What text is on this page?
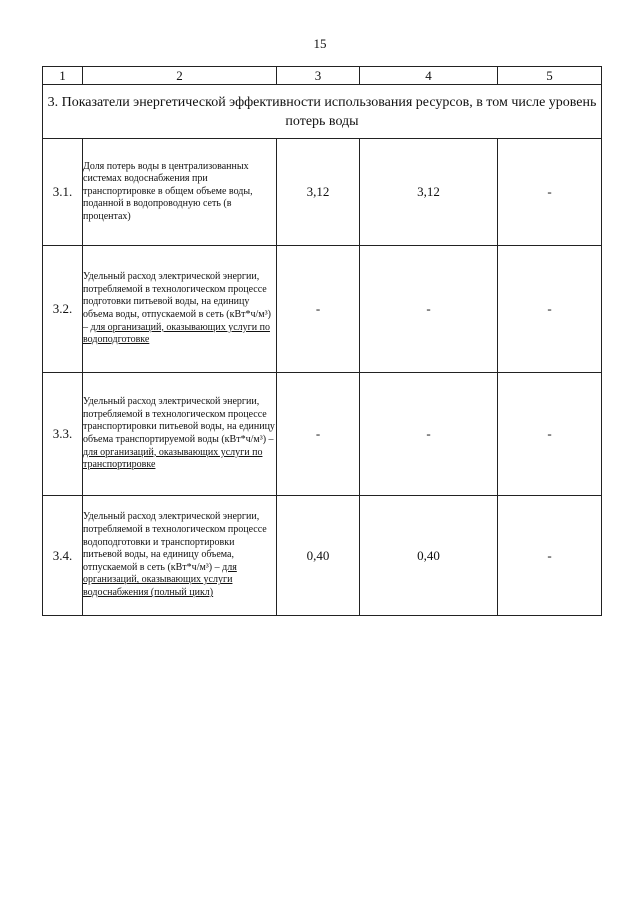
15
1	2	3	4	5
3. Показатели энергетической эффективности использования ресурсов, в том числе уровень потерь воды				
3.1.	Доля потерь воды в централизованных системах водоснабжения при транспортировке в общем объеме воды, поданной в водопроводную сеть (в процентах)	3,12	3,12	-
3.2.	Удельный расход электрической энергии, потребляемой в технологическом процессе подготовки питьевой воды, на единицу объема воды, отпускаемой в сеть (кВт*ч/м³) – для организаций, оказывающих услуги по водоподготовке	-	-	-
3.3.	Удельный расход электрической энергии, потребляемой в технологическом процессе транспортировки питьевой воды, на единицу объема транспортируемой воды (кВт*ч/м³) – для организаций, оказывающих услуги по транспортировке	-	-	-
3.4.	Удельный расход электрической энергии, потребляемой в технологическом процессе водоподготовки и транспортировки питьевой воды, на единицу объема, отпускаемой в сеть (кВт*ч/м³) – для организаций, оказывающих услуги водоснабжения (полный цикл)	0,40	0,40	-
